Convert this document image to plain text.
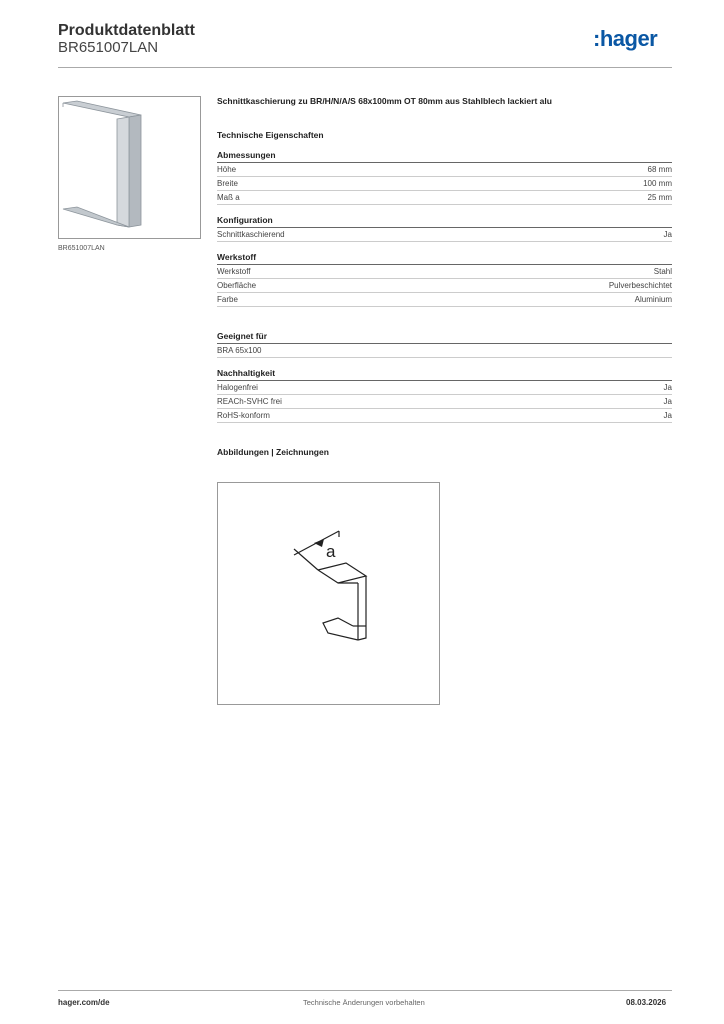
Produktdatenblatt
BR651007LAN	:hager
BR651007LAN
Schnittkaschierung zu BR/H/N/A/S 68x100mm OT 80mm aus Stahlblech lackiert alu
Technische Eigenschaften
Abmessungen
Höhe	68 mm
Breite	100 mm
Maß a	25 mm
Konfiguration
Schnittkaschierend	Ja
Werkstoff
Werkstoff	Stahl
Oberfläche	Pulverbeschichtet
Farbe	Aluminium
Geeignet für
BRA 65x100
Nachhaltigkeit
Halogenfrei	Ja
REACh-SVHC frei	Ja
RoHS-konform	Ja
Abbildungen | Zeichnungen
a
hager.com/de	Technische Änderungen vorbehalten	08.03.2026
